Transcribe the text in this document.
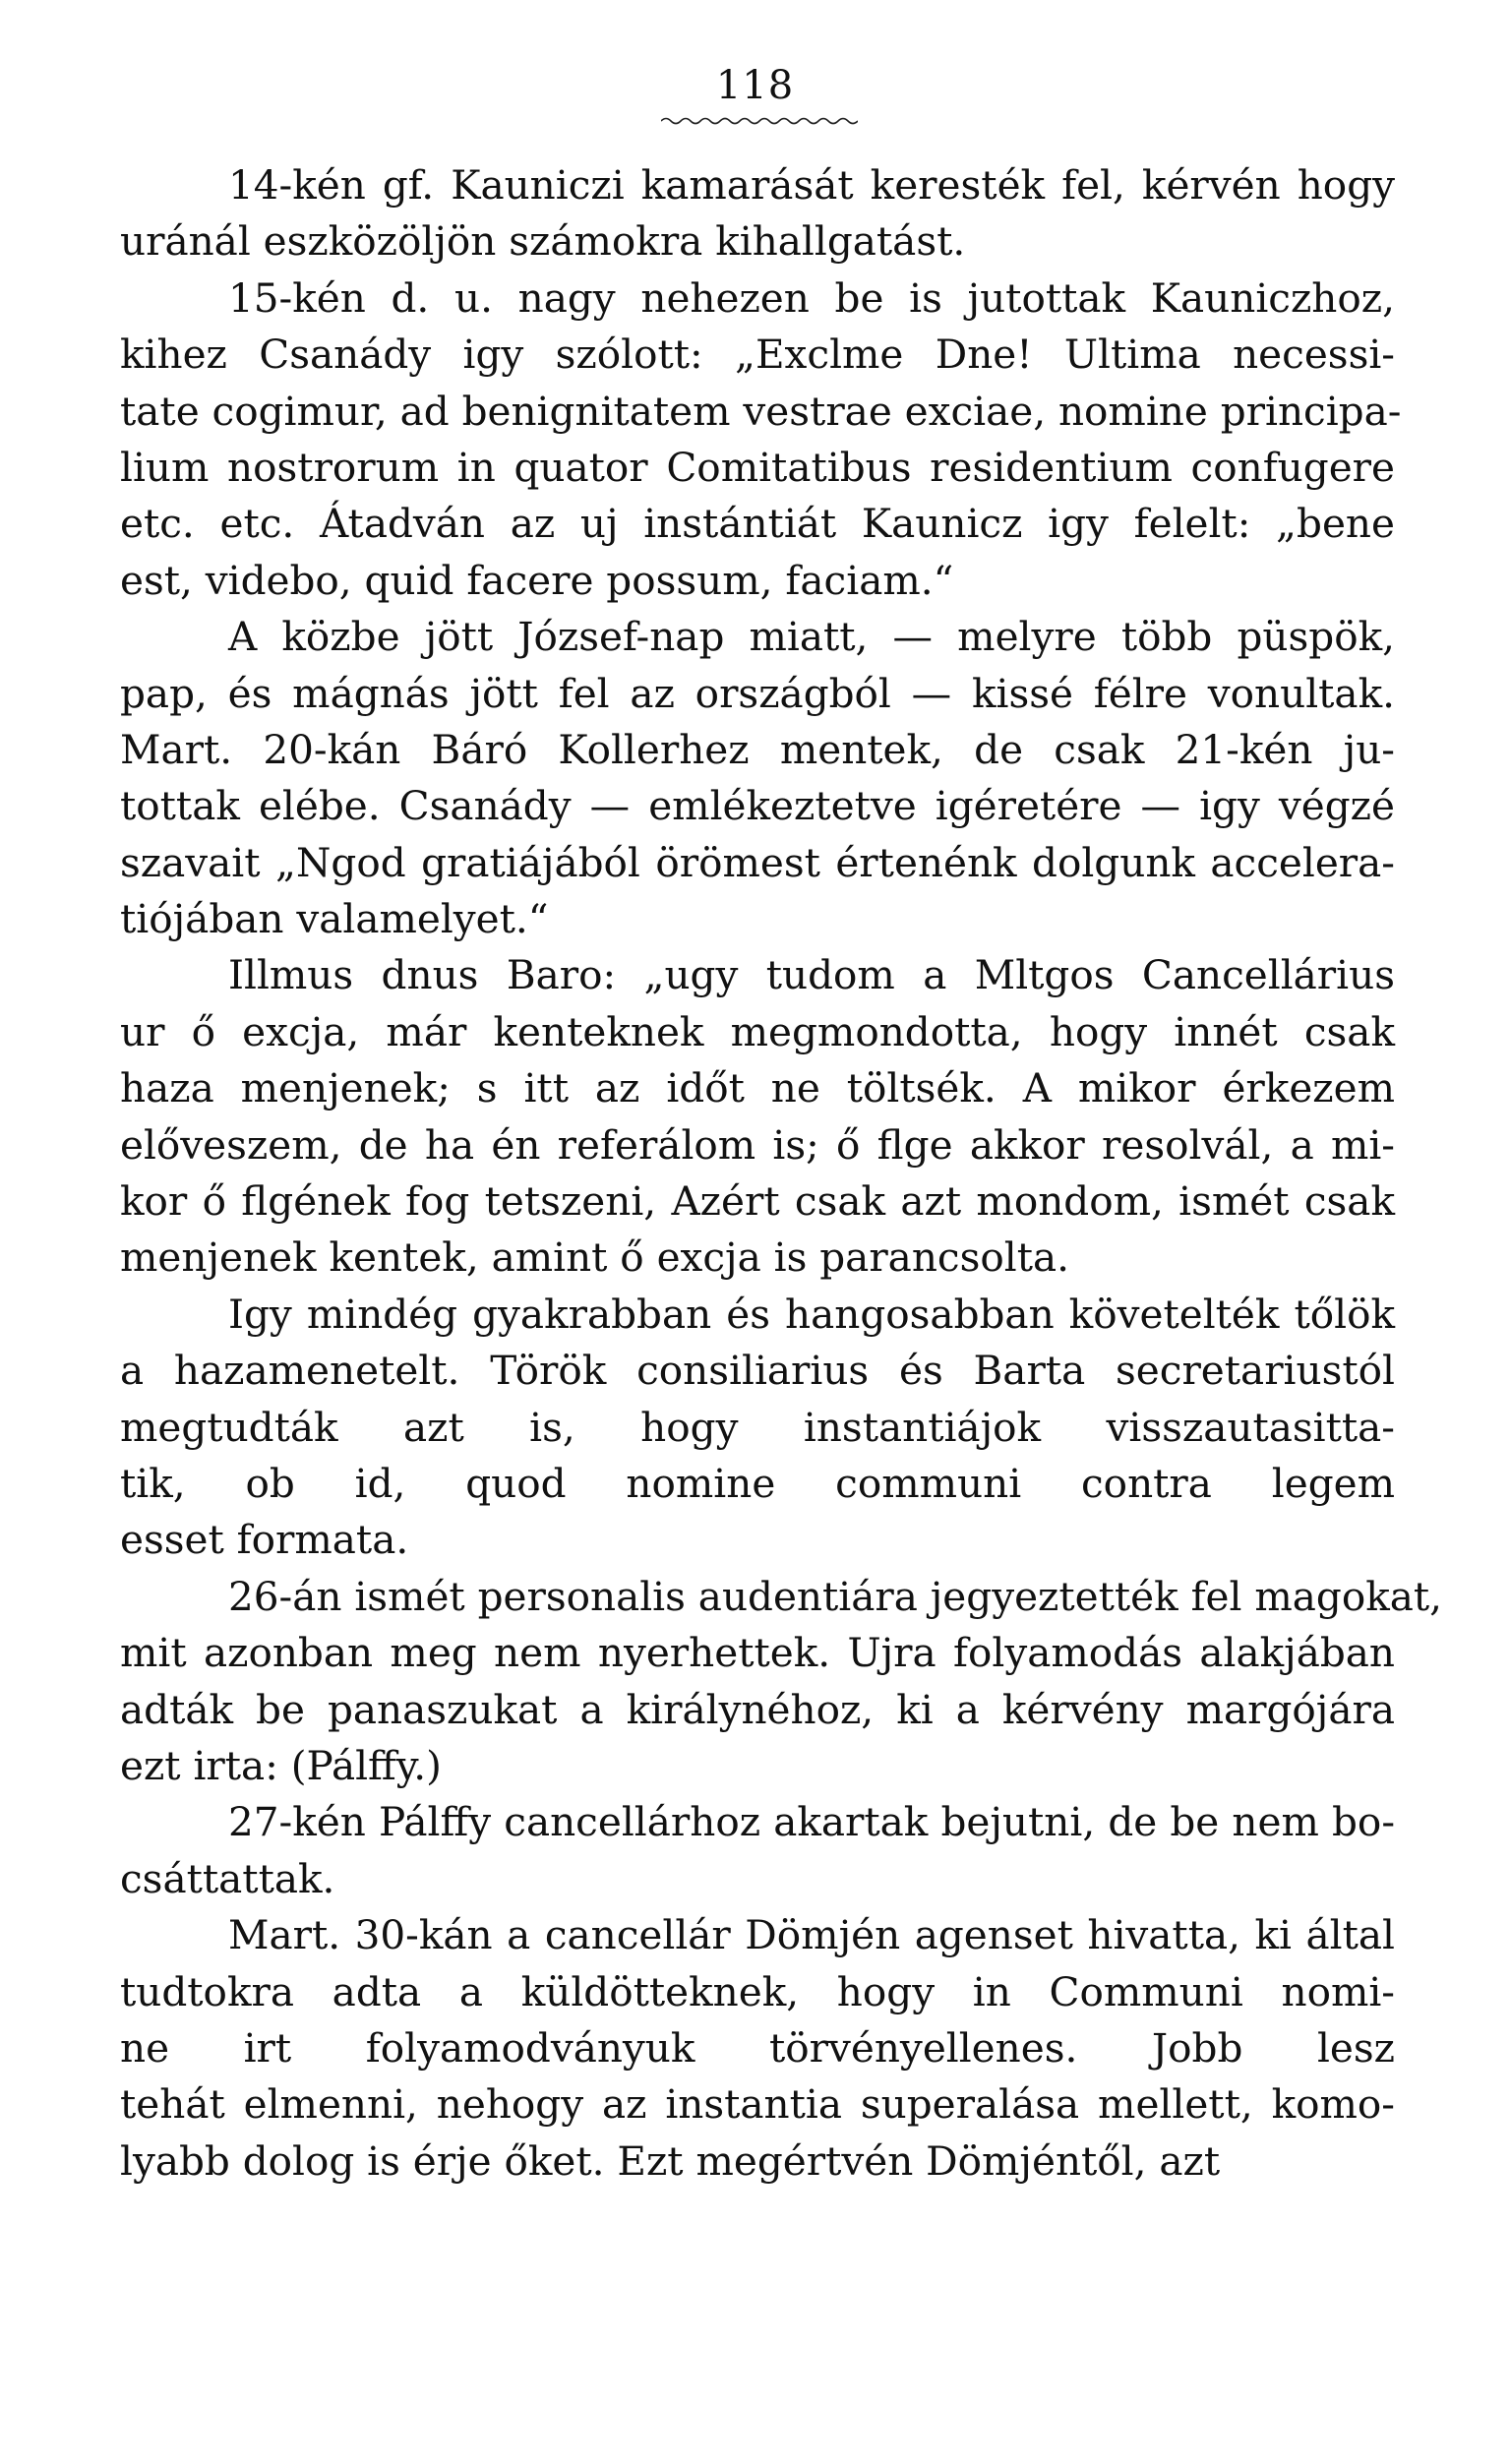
118
14-kén gf. Kauniczi kamarását keresték fel, kérvén hogy
uránál eszközöljön számokra kihallgatást.
15-kén d. u. nagy nehezen be is jutottak Kauniczhoz,
kihez Csanády igy szólott: „Exclme Dne! Ultima necessi-
tate cogimur, ad benignitatem vestrae exciae, nomine principa-
lium nostrorum in quator Comitatibus residentium confugere
etc. etc. Átadván az uj instántiát Kaunicz igy felelt: „bene
est, videbo, quid facere possum, faciam.“
A közbe jött József-nap miatt, — melyre több püspök,
pap, és mágnás jött fel az országból — kissé félre vonultak.
Mart. 20-kán Báró Kollerhez mentek, de csak 21-kén ju-
tottak elébe. Csanády — emlékeztetve igéretére — igy végzé
szavait „Ngod gratiájából örömest értenénk dolgunk accelera-
tiójában valamelyet.“
Illmus dnus Baro: „ugy tudom a Mltgos Cancellárius
ur ő excja, már kenteknek megmondotta, hogy innét csak
haza menjenek; s itt az időt ne töltsék. A mikor érkezem
előveszem, de ha én referálom is; ő flge akkor resolvál, a mi-
kor ő flgének fog tetszeni, Azért csak azt mondom, ismét csak
menjenek kentek, amint ő excja is parancsolta.
Igy mindég gyakrabban és hangosabban követelték tőlök
a hazamenetelt. Török consiliarius és Barta secretariustól
megtudták azt is, hogy instantiájok visszautasitta-
tik, ob id, quod nomine communi contra legem
esset formata.
26-án ismét personalis audentiára jegyeztették fel magokat,
mit azonban meg nem nyerhettek. Ujra folyamodás alakjában
adták be panaszukat a királynéhoz, ki a kérvény margójára
ezt irta: (Pálffy.)
27-kén Pálffy cancellárhoz akartak bejutni, de be nem bo-
csáttattak.
Mart. 30-kán a cancellár Dömjén agenset hivatta, ki által
tudtokra adta a küldötteknek, hogy in Communi nomi-
ne irt folyamodványuk törvényellenes. Jobb lesz
tehát elmenni, nehogy az instantia superalása mellett, komo-
lyabb dolog is érje őket. Ezt megértvén Dömjéntől, azt
